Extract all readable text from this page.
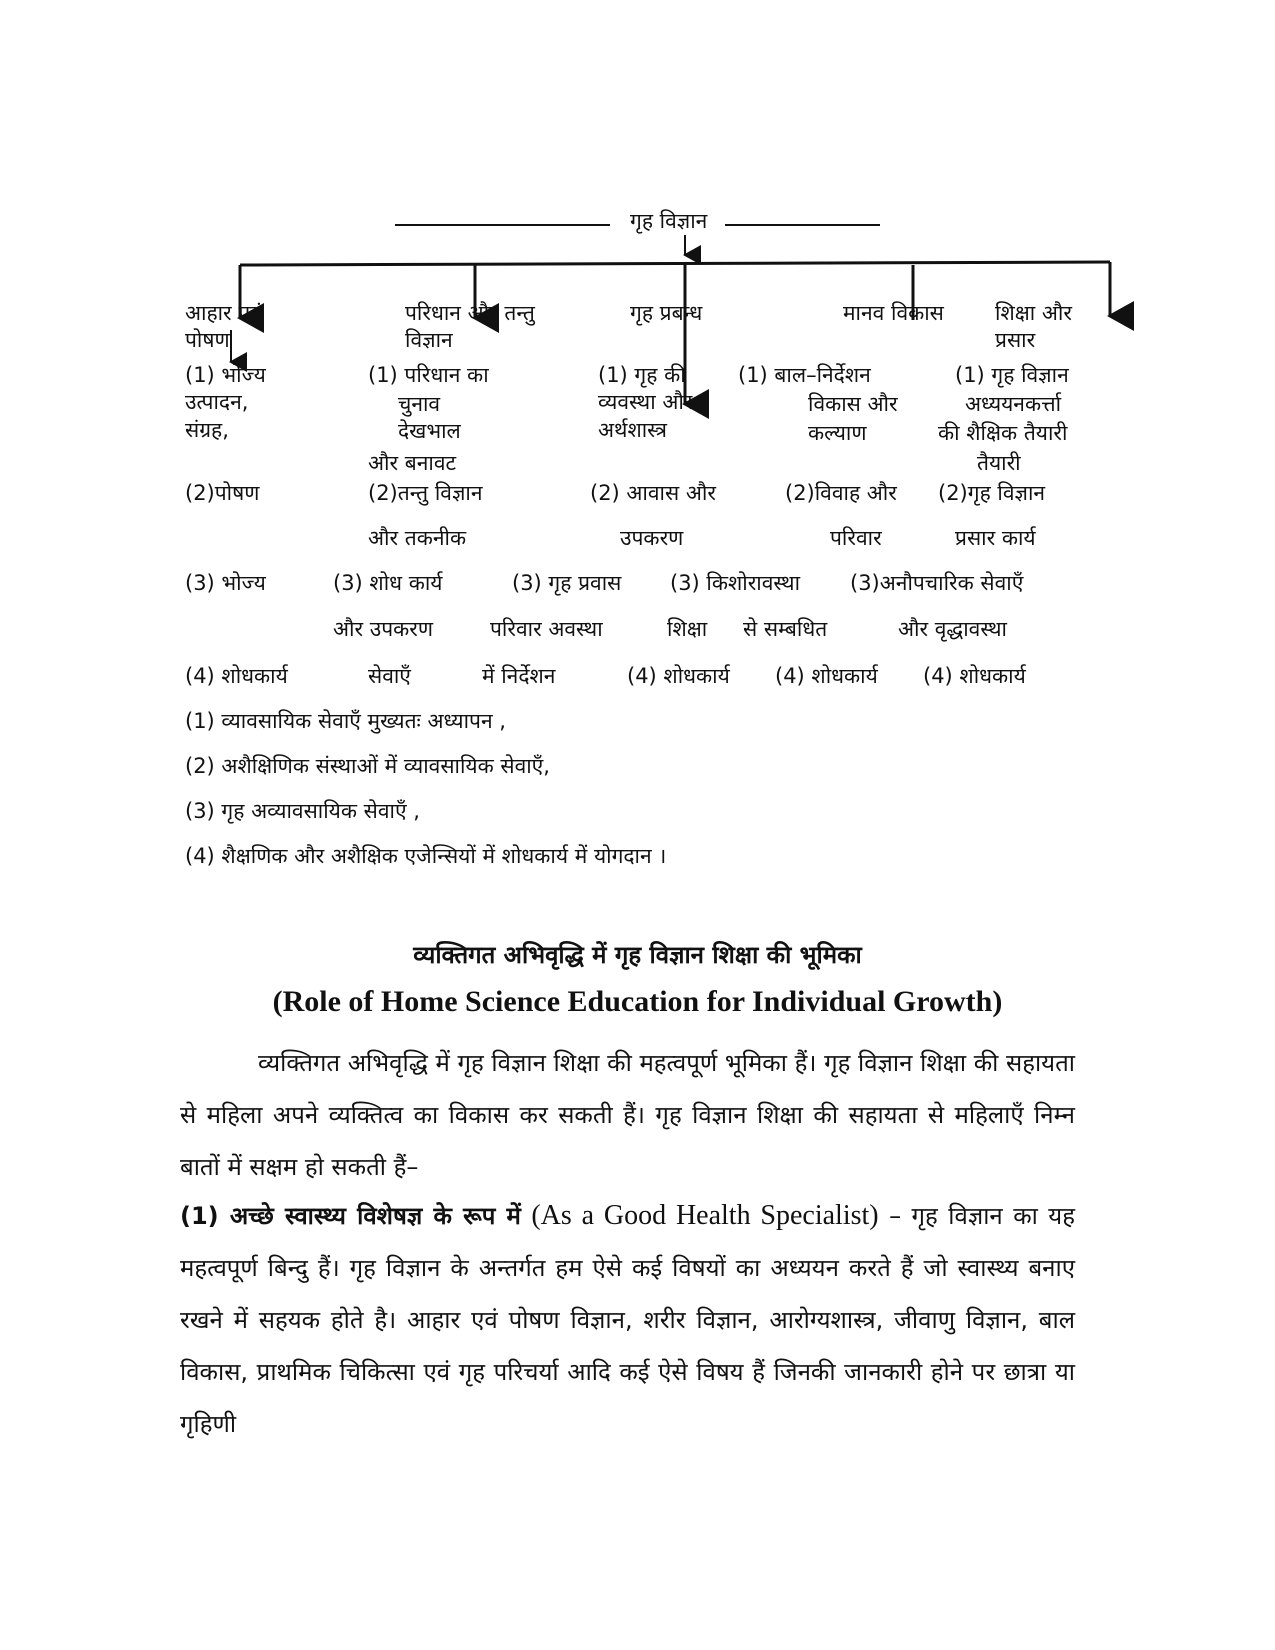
गृह विज्ञान
आहार एवं पोषण
(1) भोज्य उत्पादन, संग्रह,
(2)पोषण
(3) भोज्य
(4) शोधकार्य
परिधान और तन्तु विज्ञान
(1) परिधान का
चुनाव देखभाल
और बनावट
(2)तन्तु विज्ञान
और तकनीक
(3) शोध कार्य
और उपकरण
सेवाएँ
गृह प्रबन्ध
(1) गृह की व्यवस्था और अर्थशास्त्र
(2) आवास और
उपकरण
(3) गृह प्रवास
परिवार अवस्था
में निर्देशन	(4) शोधकार्य
मानव विकास
(1) बाल–निर्देशन
विकास और
कल्याण
(2)विवाह और
परिवार
(3) किशोरावस्था
शिक्षा से सम्बधित
(4) शोधकार्य
शिक्षा और प्रसार
(1) गृह विज्ञान
अध्ययनकर्त्ता
की शैक्षिक तैयारी
तैयारी
(2)गृह विज्ञान
प्रसार कार्य
(3)अनौपचारिक सेवाएँ
और वृद्धावस्था
(4) शोधकार्य
(1) व्यावसायिक सेवाएँ मुख्यतः अध्यापन ,
(2) अशैक्षिणिक संस्थाओं में व्यावसायिक सेवाएँ,
(3) गृह अव्यावसायिक सेवाएँ ,
(4) शैक्षणिक और अशैक्षिक एजेन्सियों में शोधकार्य में योगदान ।
व्यक्तिगत अभिवृद्धि में गृह विज्ञान शिक्षा की भूमिका
(Role of Home Science Education for Individual Growth)
व्यक्तिगत अभिवृद्धि में गृह विज्ञान शिक्षा की महत्वपूर्ण भूमिका हैं। गृह विज्ञान शिक्षा की सहायता से महिला अपने व्यक्तित्व का विकास कर सकती हैं। गृह विज्ञान शिक्षा की सहायता से महिलाएँ निम्न बातों में सक्षम हो सकती हैं–
(1) अच्छे स्वास्थ्य विशेषज्ञ के रूप में (As a Good Health Specialist) – गृह विज्ञान का यह महत्वपूर्ण बिन्दु हैं। गृह विज्ञान के अन्तर्गत हम ऐसे कई विषयों का अध्ययन करते हैं जो स्वास्थ्य बनाए रखने में सहयक होते है। आहार एवं पोषण विज्ञान, शरीर विज्ञान, आरोग्यशास्त्र, जीवाणु विज्ञान, बाल विकास, प्राथमिक चिकित्सा एवं गृह परिचर्या आदि कई ऐसे विषय हैं जिनकी जानकारी होने पर छात्रा या गृहिणी
